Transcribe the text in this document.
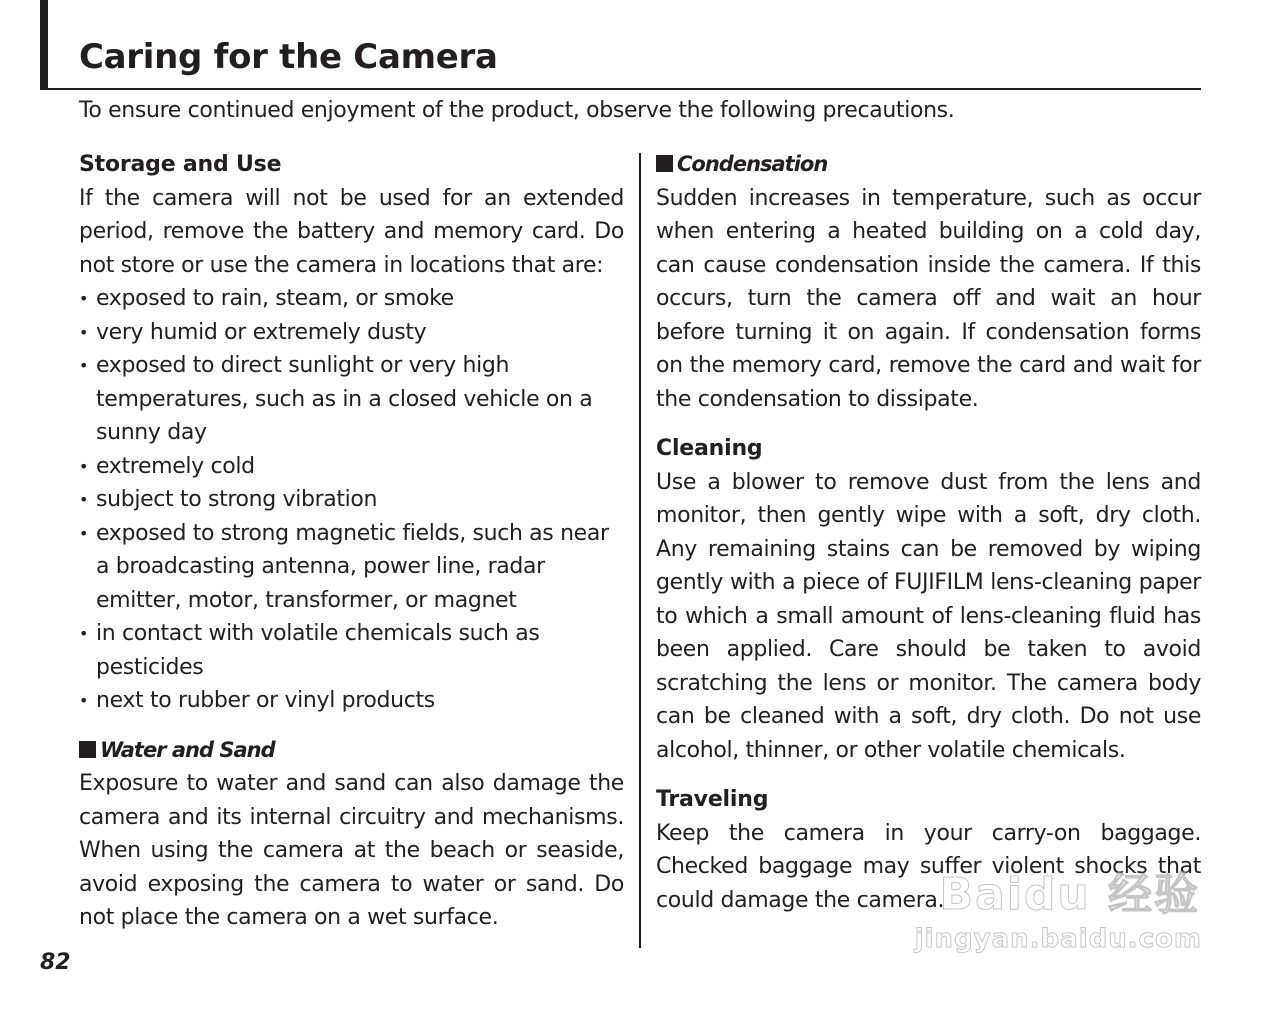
Caring for the Camera
To ensure continued enjoyment of the product, observe the following precautions.
Storage and Use

If the camera will not be used for an extended period, remove the battery and memory card. Do not store or use the camera in locations that are:

• exposed to rain, steam, or smoke
• very humid or extremely dusty
• exposed to direct sunlight or very high temperatures, such as in a closed vehicle on a sunny day
• extremely cold
• subject to strong vibration
• exposed to strong magnetic fields, such as near a broadcasting antenna, power line, radar emitter, motor, transformer, or magnet
• in contact with volatile chemicals such as pesticides
• next to rubber or vinyl products
Water and Sand

Exposure to water and sand can also damage the camera and its internal circuitry and mechanisms. When using the camera at the beach or seaside, avoid exposing the camera to water or sand. Do not place the camera on a wet surface.

Condensation

Sudden increases in temperature, such as occur when entering a heated building on a cold day, can cause condensation inside the camera. If this occurs, turn the camera off and wait an hour before turning it on again. If condensation forms on the memory card, remove the card and wait for the condensation to dissipate.

Cleaning

Use a blower to remove dust from the lens and monitor, then gently wipe with a soft, dry cloth. Any remaining stains can be removed by wiping gently with a piece of FUJIFILM lens-cleaning paper to which a small amount of lens-cleaning fluid has been applied. Care should be taken to avoid scratching the lens or monitor. The camera body can be cleaned with a soft, dry cloth. Do not use alcohol, thinner, or other volatile chemicals.

Traveling

Keep the camera in your carry-on baggage. Checked baggage may suffer violent shocks that could damage the camera.

82
Baidu 经验
jingyan.baidu.com
